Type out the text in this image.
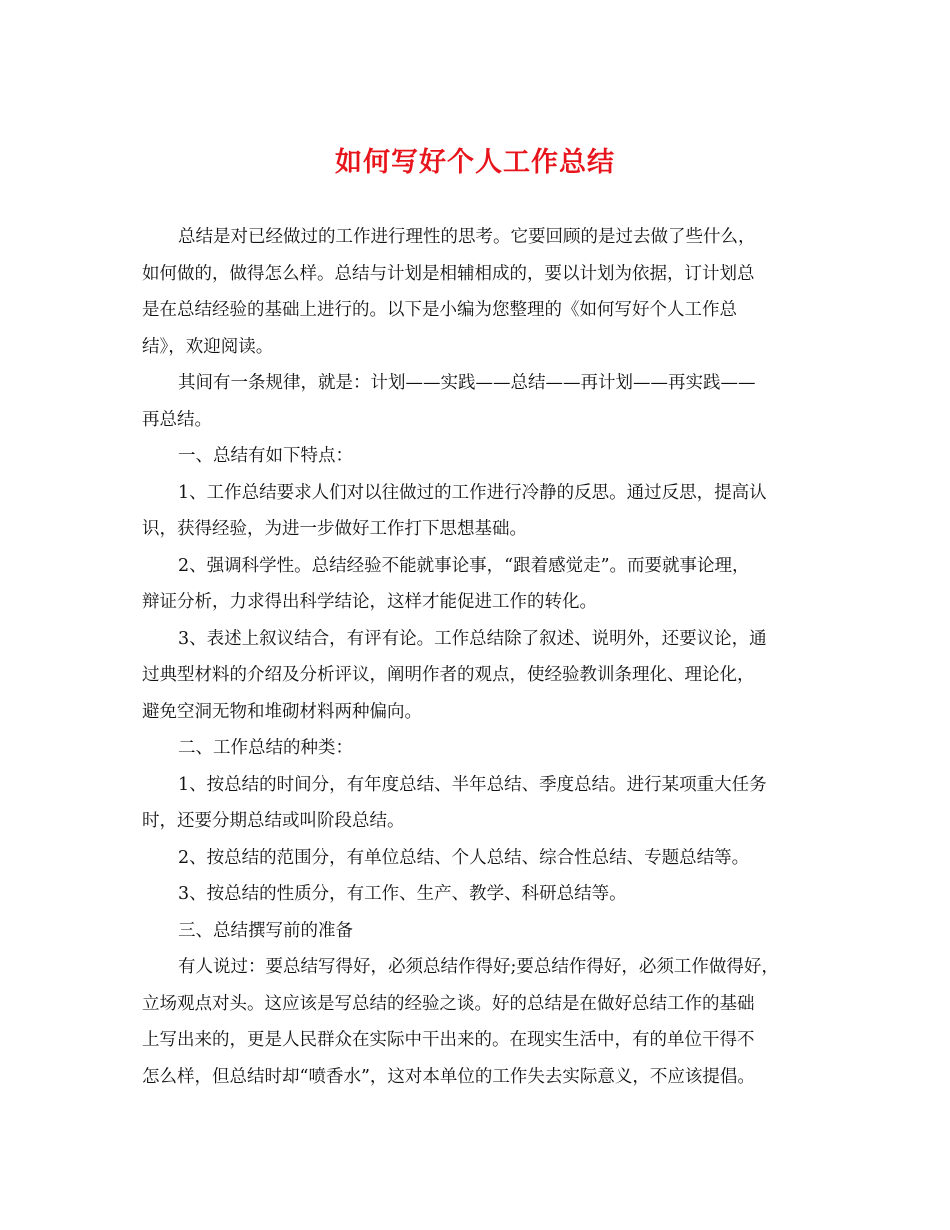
如何写好个人工作总结
总结是对已经做过的工作进行理性的思考。它要回顾的是过去做了些什么，
如何做的，做得怎么样。总结与计划是相辅相成的，要以计划为依据，订计划总
是在总结经验的基础上进行的。以下是小编为您整理的《如何写好个人工作总
结》，欢迎阅读。
其间有一条规律，就是：计划——实践——总结——再计划——再实践——
再总结。
一、总结有如下特点：
1、工作总结要求人们对以往做过的工作进行冷静的反思。通过反思，提高认
识，获得经验，为进一步做好工作打下思想基础。
2、强调科学性。总结经验不能就事论事，“跟着感觉走”。而要就事论理，
辩证分析，力求得出科学结论，这样才能促进工作的转化。
3、表述上叙议结合，有评有论。工作总结除了叙述、说明外，还要议论，通
过典型材料的介绍及分析评议，阐明作者的观点，使经验教训条理化、理论化，
避免空洞无物和堆砌材料两种偏向。
二、工作总结的种类：
1、按总结的时间分，有年度总结、半年总结、季度总结。进行某项重大任务
时，还要分期总结或叫阶段总结。
2、按总结的范围分，有单位总结、个人总结、综合性总结、专题总结等。
3、按总结的性质分，有工作、生产、教学、科研总结等。
三、总结撰写前的准备
有人说过：要总结写得好，必须总结作得好;要总结作得好，必须工作做得好，
立场观点对头。这应该是写总结的经验之谈。好的总结是在做好总结工作的基础
上写出来的，更是人民群众在实际中干出来的。在现实生活中，有的单位干得不
怎么样，但总结时却“喷香水”，这对本单位的工作失去实际意义，不应该提倡。
